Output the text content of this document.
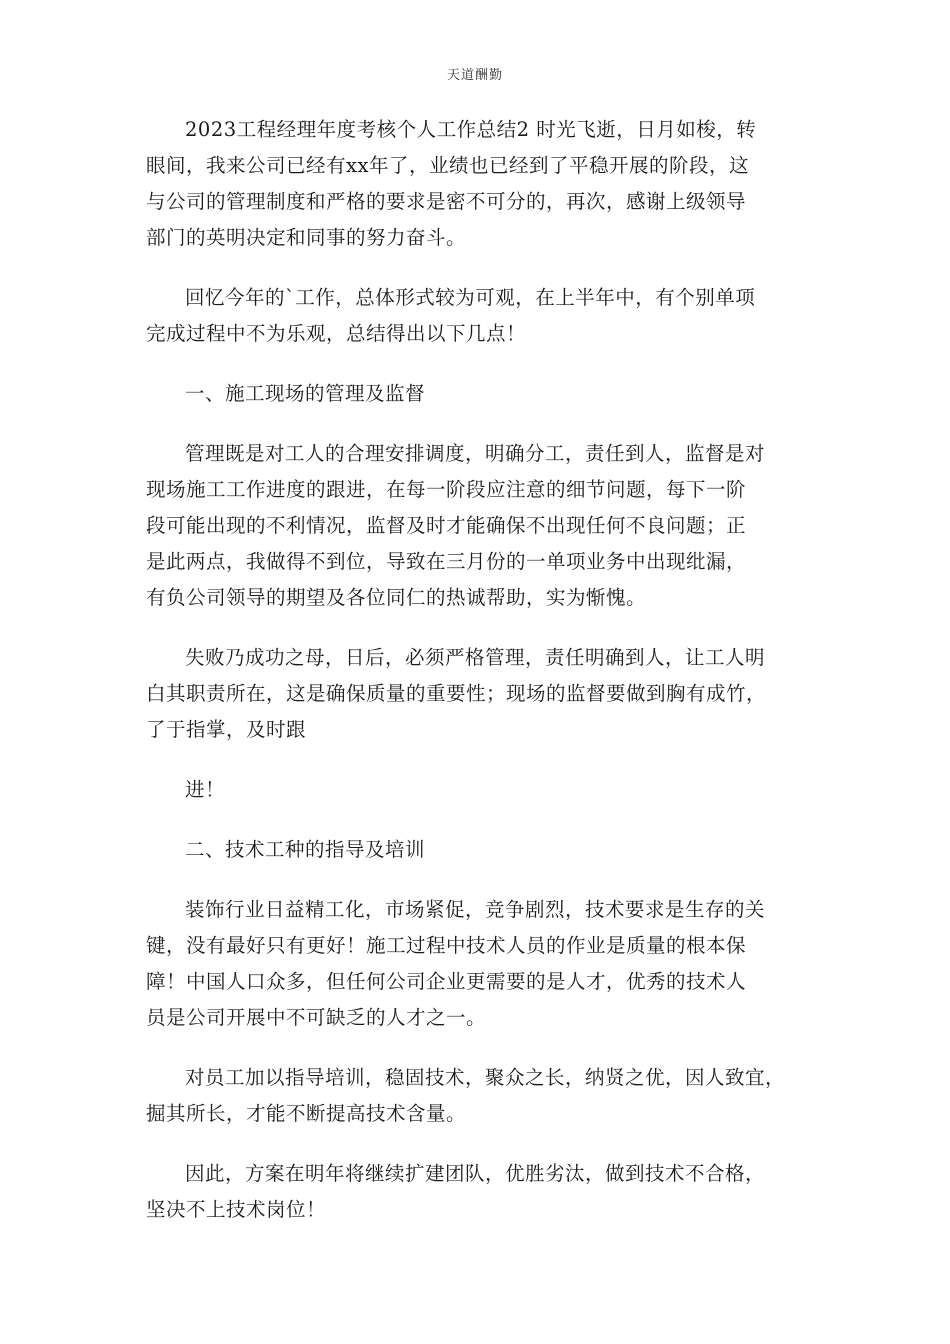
天道酬勤

2023工程经理年度考核个人工作总结2 时光飞逝，日月如梭，转
眼间，我来公司已经有xx年了，业绩也已经到了平稳开展的阶段，这
与公司的管理制度和严格的要求是密不可分的，再次，感谢上级领导
部门的英明决定和同事的努力奋斗。

回忆今年的`工作，总体形式较为可观，在上半年中，有个别单项
完成过程中不为乐观，总结得出以下几点！

一、施工现场的管理及监督

管理既是对工人的合理安排调度，明确分工，责任到人，监督是对
现场施工工作进度的跟进，在每一阶段应注意的细节问题，每下一阶
段可能出现的不利情况，监督及时才能确保不出现任何不良问题；正
是此两点，我做得不到位，导致在三月份的一单项业务中出现纰漏，
有负公司领导的期望及各位同仁的热诚帮助，实为惭愧。

失败乃成功之母，日后，必须严格管理，责任明确到人，让工人明
白其职责所在，这是确保质量的重要性；现场的监督要做到胸有成竹，
了于指掌，及时跟

进！

二、技术工种的指导及培训

装饰行业日益精工化，市场紧促，竞争剧烈，技术要求是生存的关
键，没有最好只有更好！施工过程中技术人员的作业是质量的根本保
障！中国人口众多，但任何公司企业更需要的是人才，优秀的技术人
员是公司开展中不可缺乏的人才之一。

对员工加以指导培训，稳固技术，聚众之长，纳贤之优，因人致宜，
掘其所长，才能不断提高技术含量。

因此，方案在明年将继续扩建团队，优胜劣汰，做到技术不合格，
坚决不上技术岗位！
